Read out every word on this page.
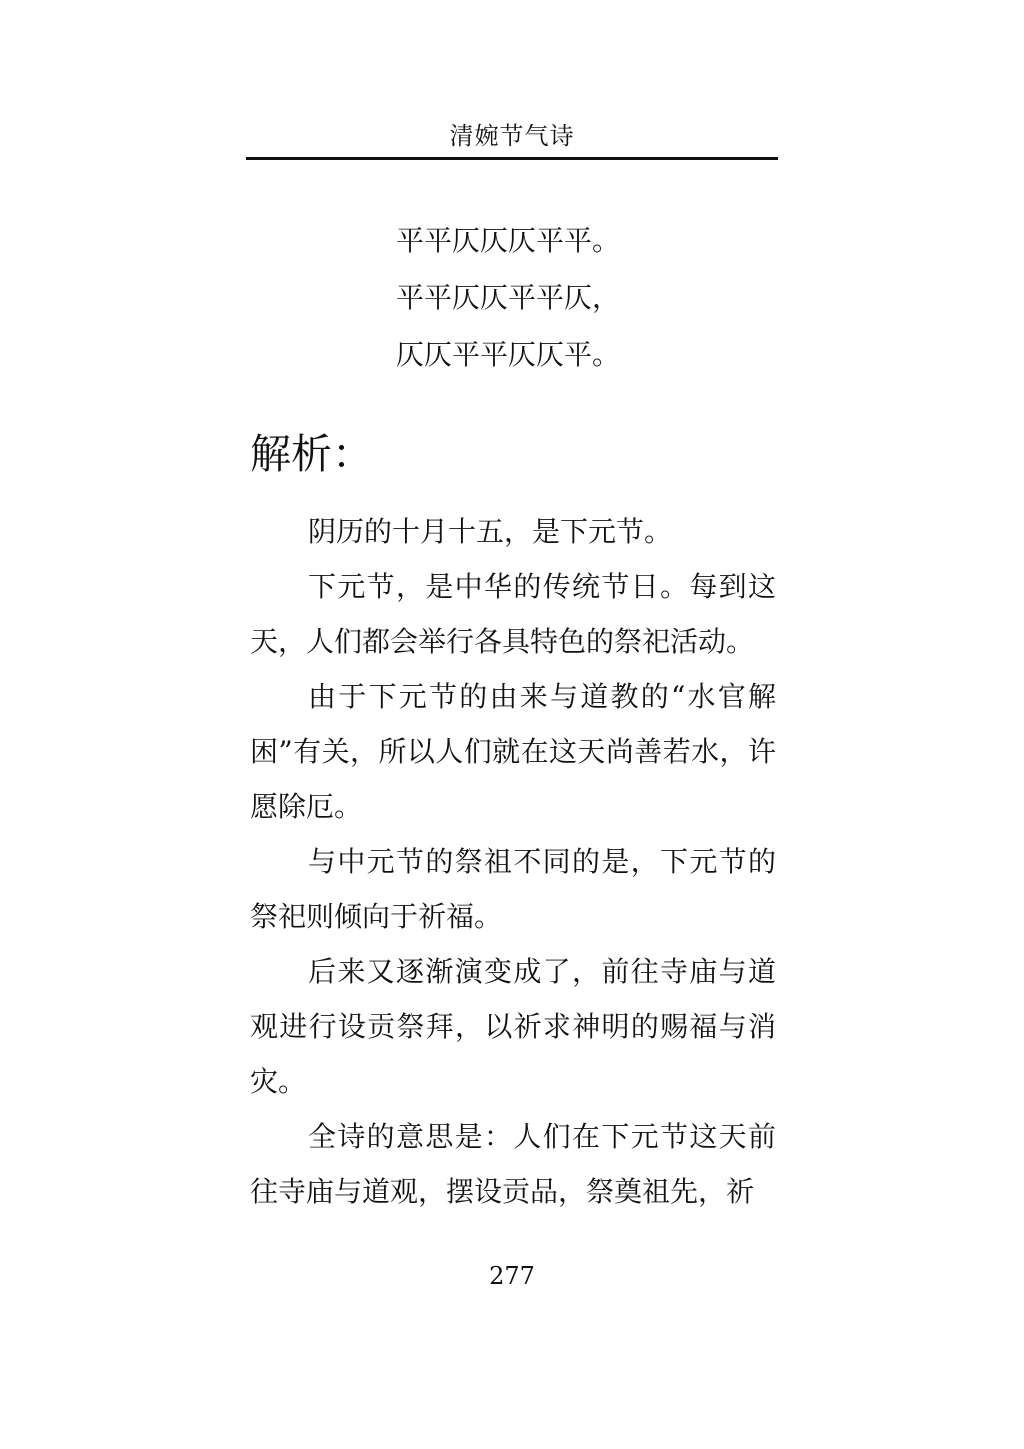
清婉节气诗
平平仄仄仄平平。
平平仄仄平平仄，
仄仄平平仄仄平。
解析：

阴历的十月十五，是下元节。

下元节，是中华的传统节日。每到这天，人们都会举行各具特色的祭祀活动。

由于下元节的由来与道教的“水官解困”有关，所以人们就在这天尚善若水，许愿除厄。

与中元节的祭祖不同的是，下元节的祭祀则倾向于祈福。

后来又逐渐演变成了，前往寺庙与道观进行设贡祭拜，以祈求神明的赐福与消灾。

全诗的意思是：人们在下元节这天前往寺庙与道观，摆设贡品，祭奠祖先，祈

277
